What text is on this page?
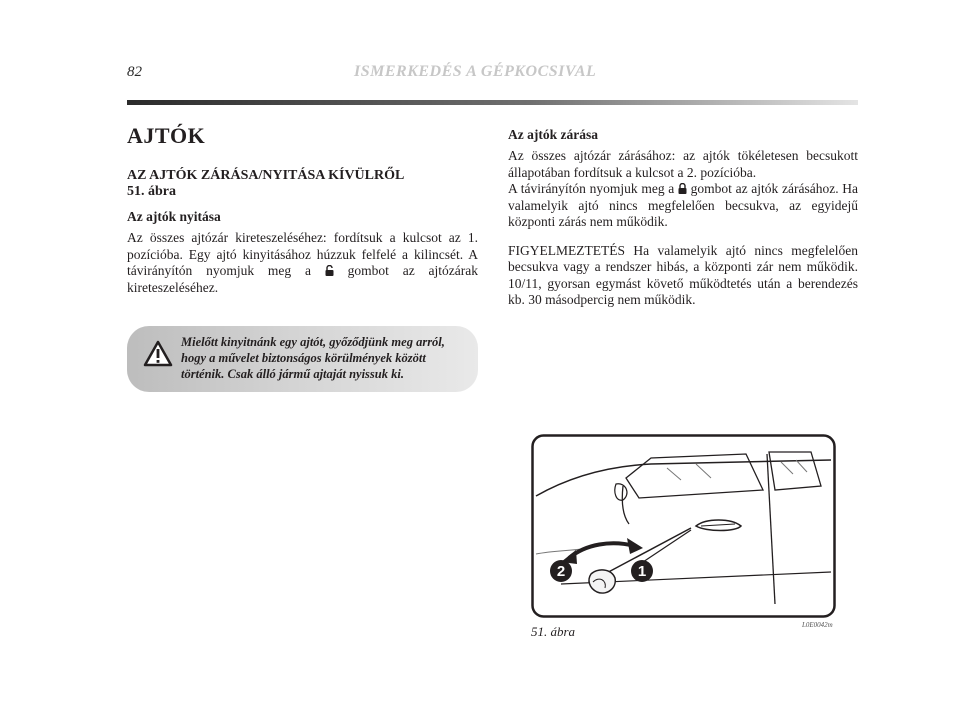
82	ISMERKEDÉS A GÉPKOCSIVAL
AJTÓK

AZ AJTÓK ZÁRÁSA/NYITÁSA KÍVÜLRŐL

51. ábra

Az ajtók nyitása

Az összes ajtózár kireteszeléséhez: fordítsuk a kulcsot az 1. pozícióba. Egy ajtó kinyitásához húzzuk felfelé a kilincsét. A távirányítón nyomjuk meg a	gombot az ajtózárak kireteszeléséhez.

Mielőtt kinyitnánk egy ajtót, győződjünk meg arról, hogy a művelet biztonságos körülmények között történik. Csak álló jármű ajtaját nyissuk ki.

Az ajtók zárása

Az összes ajtózár zárásához: az ajtók tökéletesen becsukott állapotában fordítsuk a kulcsot a 2. pozícióba.

A távirányítón nyomjuk meg a gombot az ajtók zárásához. Ha valamelyik ajtó nincs megfelelően becsukva, az egyidejű központi zárás nem működik.

FIGYELMEZTETÉS Ha valamelyik ajtó nincs megfelelően becsukva vagy a rendszer hibás, a központi zár nem működik. 10/11, gyorsan egymást követő működtetés után a berendezés kb. 30 másodpercig nem működik.

2	1
51. ábra	L0E0042m
